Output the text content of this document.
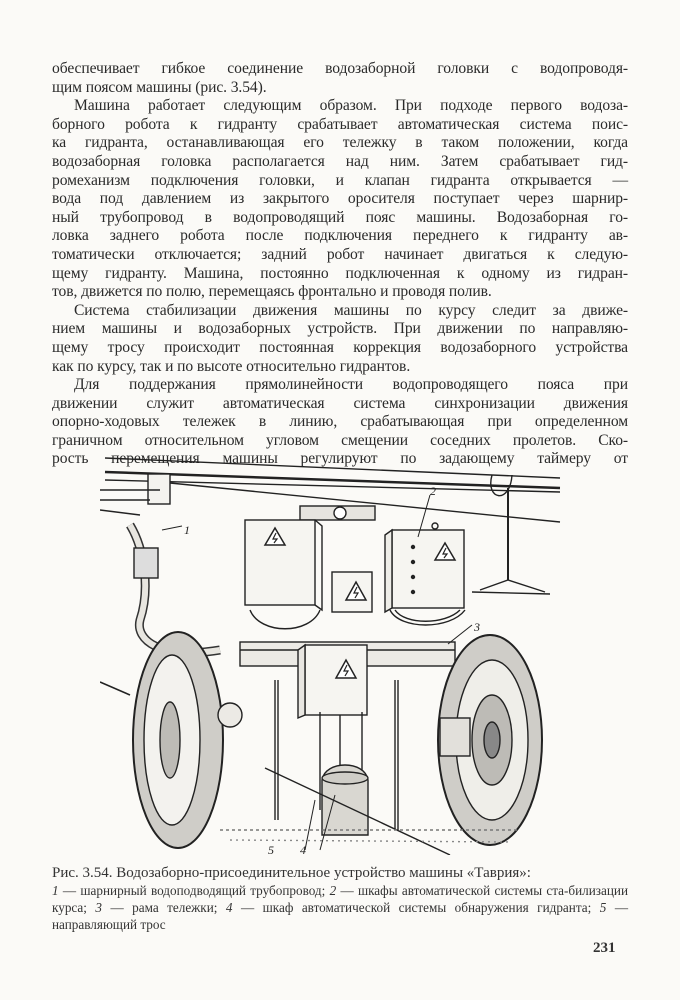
обеспечивает гибкое соединение водозаборной головки с водопроводя-
щим поясом машины (рис. 3.54).

Машина работает следующим образом. При подходе первого водоза-
борного робота к гидранту срабатывает автоматическая система поис-
ка гидранта, останавливающая его тележку в таком положении, когда
водозаборная головка располагается над ним. Затем срабатывает гид-
ромеханизм подключения головки, и клапан гидранта открывается —
вода под давлением из закрытого оросителя поступает через шарнир-
ный трубопровод в водопроводящий пояс машины. Водозаборная го-
ловка заднего робота после подключения переднего к гидранту ав-
томатически отключается; задний робот начинает двигаться к следую-
щему гидранту. Машина, постоянно подключенная к одному из гидран-
тов, движется по полю, перемещаясь фронтально и проводя полив.

Система стабилизации движения машины по курсу следит за движе-
нием машины и водозаборных устройств. При движении по направляю-
щему тросу происходит постоянная коррекция водозаборного устройства
как по курсу, так и по высоте относительно гидрантов.

Для поддержания прямолинейности водопроводящего пояса при
движении служит автоматическая система синхронизации движения
опорно-ходовых тележек в линию, срабатывающая при определенном
граничном относительном угловом смещении соседних пролетов. Ско-
рость перемещения машины регулируют по задающему таймеру от

1
2
3
4
5
Рис. 3.54. Водозаборно-присоединительное устройство машины «Таврия»:
1 — шарнирный водоподводящий трубопровод; 2 — шкафы автоматической системы ста-билизации курса; 3 — рама тележки; 4 — шкаф автоматической системы обнаружения гидранта; 5 — направляющий трос
231
